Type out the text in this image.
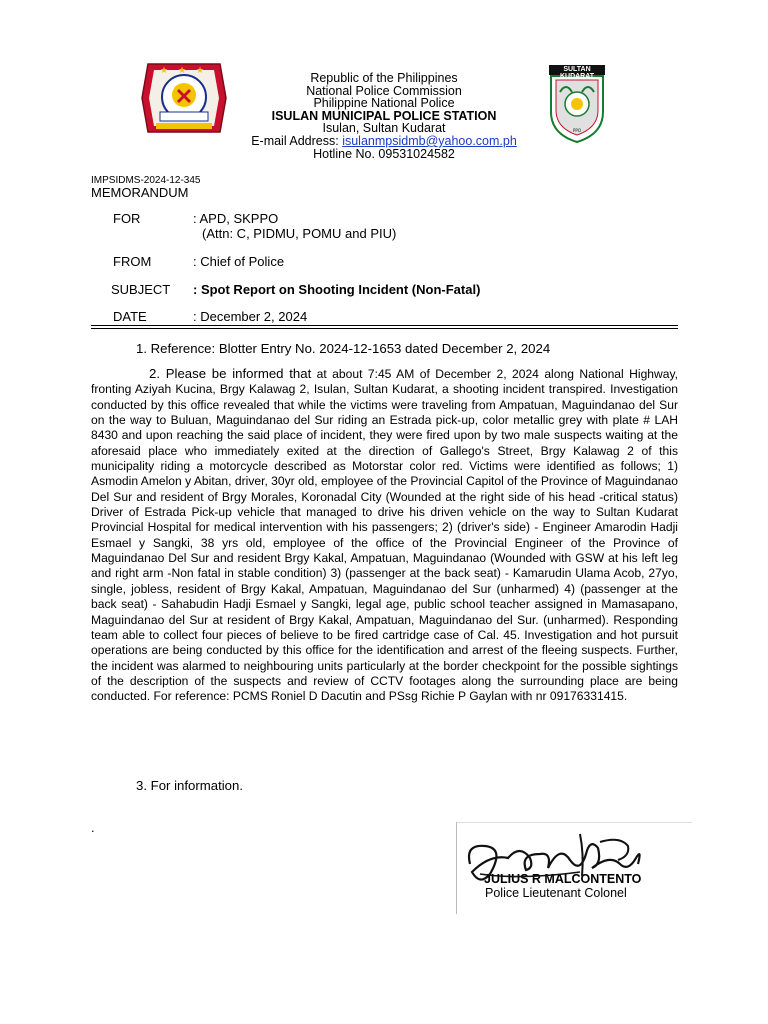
★ ★ ★
PPO
SULTAN KUDARAT
Republic of the Philippines
National Police Commission
Philippine National Police
ISULAN MUNICIPAL POLICE STATION
Isulan, Sultan Kudarat
E-mail Address: isulanmpsidmb@yahoo.com.ph
Hotline No. 09531024582
IMPSIDMS-2024-12-345
MEMORANDUM
FOR	: APD, SKPPO
(Attn: C, PIDMU, POMU and PIU)
FROM	: Chief of Police
SUBJECT : Spot Report on Shooting Incident (Non-Fatal)
DATE	: December 2, 2024
1. Reference: Blotter Entry No. 2024-12-1653 dated December 2, 2024
2. Please be informed that at about 7:45 AM of December 2, 2024 along National Highway, fronting Aziyah Kucina, Brgy Kalawag 2, Isulan, Sultan Kudarat, a shooting incident transpired. Investigation conducted by this office revealed that while the victims were traveling from Ampatuan, Maguindanao del Sur on the way to Buluan, Maguindanao del Sur riding an Estrada pick-up, color metallic grey with plate # LAH 8430 and upon reaching the said place of incident, they were fired upon by two male suspects waiting at the aforesaid place who immediately exited at the direction of Gallego's Street, Brgy Kalawag 2 of this municipality riding a motorcycle described as Motorstar color red. Victims were identified as follows; 1) Asmodin Amelon y Abitan, driver, 30yr old, employee of the Provincial Capitol of the Province of Maguindanao Del Sur and resident of Brgy Morales, Koronadal City (Wounded at the right side of his head -critical status) Driver of Estrada Pick-up vehicle that managed to drive his driven vehicle on the way to Sultan Kudarat Provincial Hospital for medical intervention with his passengers; 2) (driver's side) - Engineer Amarodin Hadji Esmael y Sangki, 38 yrs old, employee of the office of the Provincial Engineer of the Province of Maguindanao Del Sur and resident Brgy Kakal, Ampatuan, Maguindanao (Wounded with GSW at his left leg and right arm -Non fatal in stable condition) 3) (passenger at the back seat) - Kamarudin Ulama Acob, 27yo, single, jobless, resident of Brgy Kakal, Ampatuan, Maguindanao del Sur (unharmed) 4) (passenger at the back seat) - Sahabudin Hadji Esmael y Sangki, legal age, public school teacher assigned in Mamasapano, Maguindanao del Sur at resident of Brgy Kakal, Ampatuan, Maguindanao del Sur. (unharmed). Responding team able to collect four pieces of believe to be fired cartridge case of Cal. 45. Investigation and hot pursuit operations are being conducted by this office for the identification and arrest of the fleeing suspects. Further, the incident was alarmed to neighbouring units particularly at the border checkpoint for the possible sightings of the description of the suspects and review of CCTV footages along the surrounding place are being conducted. For reference: PCMS Roniel D Dacutin and PSsg Richie P Gaylan with nr 09176331415.
3. For information.
.
JULIUS R MALCONTENTO
Police Lieutenant Colonel
